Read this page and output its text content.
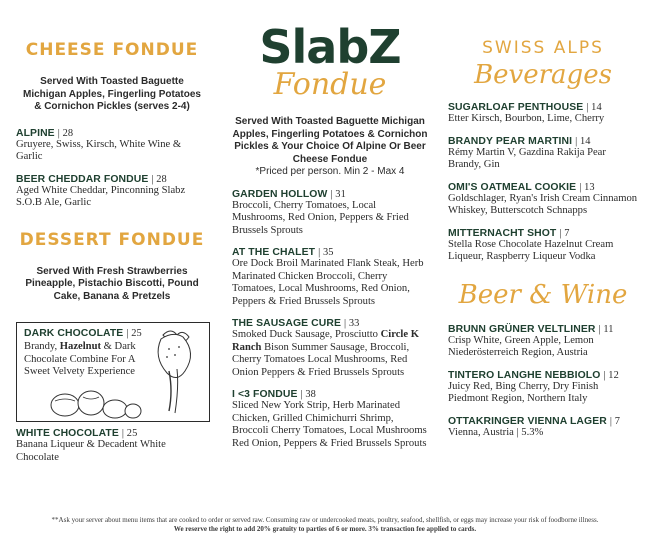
CHEESE FONDUE
Served With Toasted Baguette Michigan Apples, Fingerling Potatoes & Cornichon Pickles (serves 2-4)
ALPINE | 28
Gruyere, Swiss, Kirsch, White Wine & Garlic
BEER CHEDDAR FONDUE | 28
Aged White Cheddar, Pinconning Slabz S.O.B Ale, Garlic
DESSERT FONDUE
Served With Fresh Strawberries Pineapple, Pistachio Biscotti, Pound Cake, Banana & Pretzels
DARK CHOCOLATE | 25
Brandy, Hazelnut & Dark Chocolate Combine For A Sweet Velvety Experience
WHITE CHOCOLATE | 25
Banana Liqueur & Decadent White Chocolate
SlabZ
Fondue
Served With Toasted Baguette Michigan Apples, Fingerling Potatoes & Cornichon Pickles & Your Choice Of Alpine Or Beer Cheese Fondue
*Priced per person. Min 2 - Max 4
GARDEN HOLLOW | 31
Broccoli, Cherry Tomatoes, Local Mushrooms, Red Onion, Peppers & Fried Brussels Sprouts
AT THE CHALET | 35
Ore Dock Broil Marinated Flank Steak, Herb Marinated Chicken Broccoli, Cherry Tomatoes, Local Mushrooms, Red Onion, Peppers & Fried Brussels Sprouts
THE SAUSAGE CURE | 33
Smoked Duck Sausage, Prosciutto Circle K Ranch Bison Summer Sausage, Broccoli, Cherry Tomatoes Local Mushrooms, Red Onion Peppers & Fried Brussels Sprouts
I <3 FONDUE | 38
Sliced New York Strip, Herb Marinated Chicken, Grilled Chimichurri Shrimp, Broccoli Cherry Tomatoes, Local Mushrooms Red Onion, Peppers & Fried Brussels Sprouts
SWISS ALPS
Beverages
SUGARLOAF PENTHOUSE | 14
Etter Kirsch, Bourbon, Lime, Cherry
BRANDY PEAR MARTINI | 14
Rémy Martin V, Gazdina Rakija Pear Brandy, Gin
OMI'S OATMEAL COOKIE | 13
Goldschlager, Ryan's Irish Cream Cinnamon Whiskey, Butterscotch Schnapps
MITTERNACHT SHOT | 7
Stella Rose Chocolate Hazelnut Cream Liqueur, Raspberry Liqueur Vodka
Beer & Wine
BRUNN GRÜNER VELTLINER | 11
Crisp White, Green Apple, Lemon Niederösterreich Region, Austria
TINTERO LANGHE NEBBIOLO | 12
Juicy Red, Bing Cherry, Dry Finish Piedmont Region, Northern Italy
OTTAKRINGER VIENNA LAGER | 7
Vienna, Austria | 5.3%
**Ask your server about menu items that are cooked to order or served raw. Consuming raw or undercooked meats, poultry, seafood, shellfish, or eggs may increase your risk of foodborne illness.
We reserve the right to add 20% gratuity to parties of 6 or more. 3% transaction fee applied to cards.
